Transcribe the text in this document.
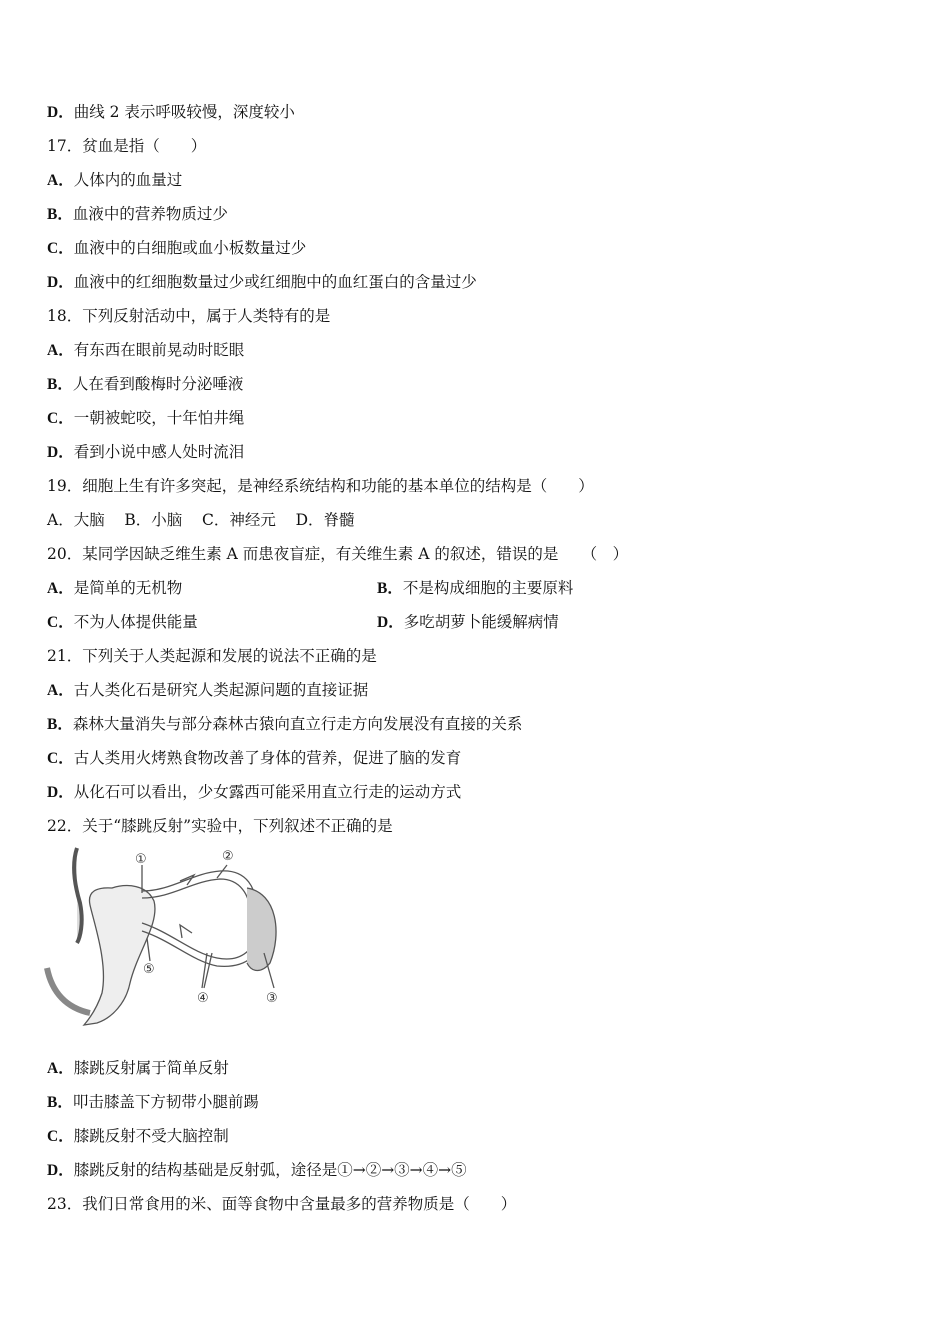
D．曲线 2 表示呼吸较慢，深度较小
17．贫血是指（　　）
A．人体内的血量过
B．血液中的营养物质过少
C．血液中的白细胞或血小板数量过少
D．血液中的红细胞数量过少或红细胞中的血红蛋白的含量过少
18．下列反射活动中，属于人类特有的是
A．有东西在眼前晃动时眨眼
B．人在看到酸梅时分泌唾液
C．一朝被蛇咬，十年怕井绳
D．看到小说中感人处时流泪
19．细胞上生有许多突起，是神经系统结构和功能的基本单位的结构是（　　）
A．大脑 B．小脑 C．神经元 D．脊髓
20．某同学因缺乏维生素 A 而患夜盲症，有关维生素 A 的叙述，错误的是　　（　）
A．是简单的无机物	B．不是构成细胞的主要原料
C．不为人体提供能量	D．多吃胡萝卜能缓解病情
21．下列关于人类起源和发展的说法不正确的是
A．古人类化石是研究人类起源问题的直接证据
B．森林大量消失与部分森林古猿向直立行走方向发展没有直接的关系
C．古人类用火烤熟食物改善了身体的营养，促进了脑的发育
D．从化石可以看出，少女露西可能采用直立行走的运动方式
22．关于“膝跳反射”实验中，下列叙述不正确的是
①	②
③
④
⑤
A．膝跳反射属于简单反射
B．叩击膝盖下方韧带小腿前踢
C．膝跳反射不受大脑控制
D．膝跳反射的结构基础是反射弧，途径是①→②→③→④→⑤
23．我们日常食用的米、面等食物中含量最多的营养物质是（　　）
